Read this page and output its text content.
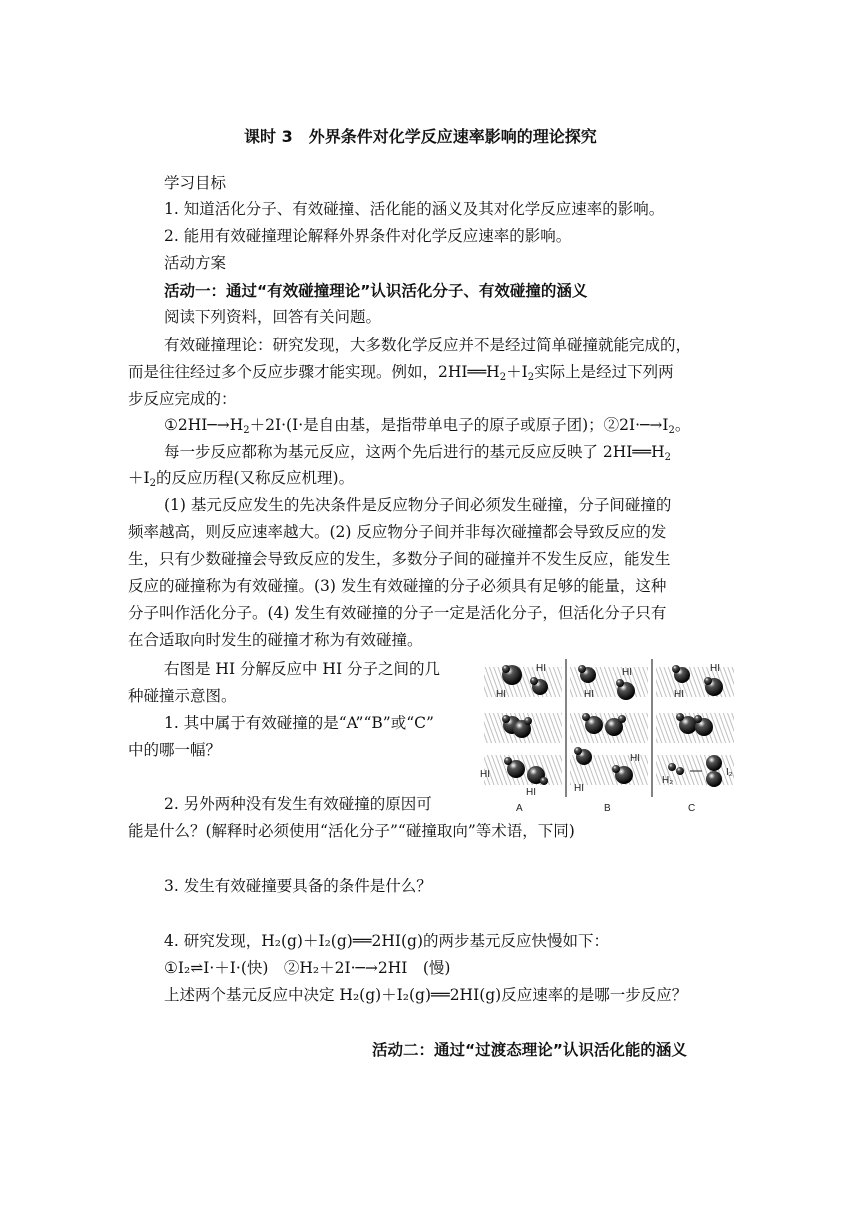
课时 3　外界条件对化学反应速率影响的理论探究
学习目标
1. 知道活化分子、有效碰撞、活化能的涵义及其对化学反应速率的影响。
2. 能用有效碰撞理论解释外界条件对化学反应速率的影响。
活动方案
活动一：通过“有效碰撞理论”认识活化分子、有效碰撞的涵义
阅读下列资料，回答有关问题。
有效碰撞理论：研究发现，大多数化学反应并不是经过简单碰撞就能完成的，
而是往往经过多个反应步骤才能实现。例如，$2HI══H_2+I_2$实际上是经过下列两
步反应完成的：
$①2HI─\to H_2+2I\cdot(I\cdot$是自由基，是指带单电子的原子或原子团)；$②2I\cdot─\to I_2$。
每一步反应都称为基元反应，这两个先后进行的基元反应反映了 $2HI══H_2$
$+I_2$的反应历程(又称反应机理)。
(1) 基元反应发生的先决条件是反应物分子间必须发生碰撞，分子间碰撞的
频率越高，则反应速率越大。(2) 反应物分子间并非每次碰撞都会导致反应的发
生，只有少数碰撞会导致反应的发生，多数分子间的碰撞并不发生反应，能发生
反应的碰撞称为有效碰撞。(3) 发生有效碰撞的分子必须具有足够的能量，这种
分子叫作活化分子。(4) 发生有效碰撞的分子一定是活化分子，但活化分子只有
在合适取向时发生的碰撞才称为有效碰撞。
右图是 HI 分解反应中 HI 分子之间的几
种碰撞示意图。
1. 其中属于有效碰撞的是“A”“B”或“C”
中的哪一幅？
2. 另外两种没有发生有效碰撞的原因可
能是什么？(解释时必须使用“活化分子”“碰撞取向”等术语，下同)
3. 发生有效碰撞要具备的条件是什么？
4. 研究发现，H₂(g)＋I₂(g)══2HI(g)的两步基元反应快慢如下：
①I₂⇌I·＋I·(快)　②H₂＋2I·─→2HI　(慢)
上述两个基元反应中决定 H₂(g)＋I₂(g)══2HI(g)反应速率的是哪一步反应？
活动二：通过“过渡态理论”认识活化能的涵义
HI
HI
HI
HI
A
HI
HI
HI
HI
B
HI
HI
H₂
I₂
C
